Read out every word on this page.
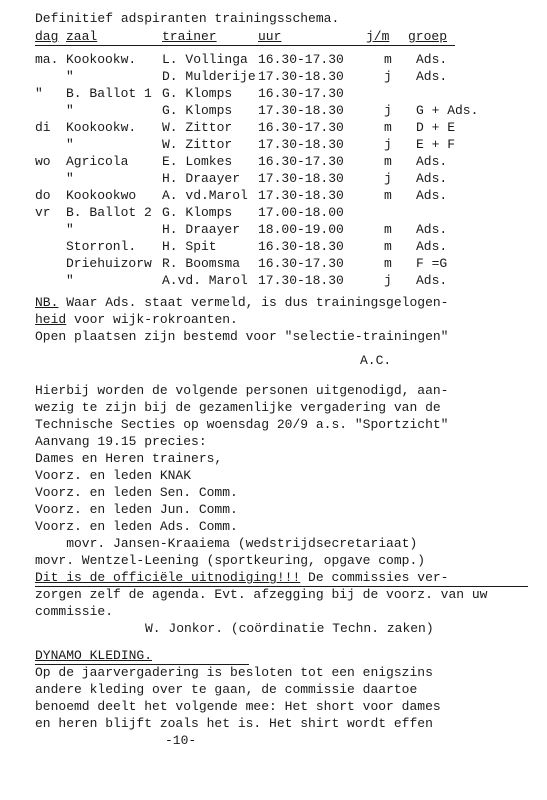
Definitief adspiranten trainingsschema.
dag zaal	trainer	uur	j/m groep
ma. Kookookw. L. Vollinga 16.30-17.30	m Ads.
"	D. Mulderije 17.30-18.30	j Ads.
" B. Ballot 1 G. Klomps 16.30-17.30
"	G. Klomps 17.30-18.30	j G + Ads.
di Kookookw. W. Zittor 16.30-17.30	m D + E
"	W. Zittor 17.30-18.30	j E + F
wo Agricola	E. Lomkes 16.30-17.30	m Ads.
"	H. Draayer 17.30-18.30	j Ads.
do Kookookwo A. vd.Marol 17.30-18.30	m Ads.
vr B. Ballot 2 G. Klomps 17.00-18.00
"	H. Draayer 18.00-19.00	m Ads.
Storronl. H. Spit	16.30-18.30	m Ads.
Driehuizorw R. Boomsma 16.30-17.30	m F =G
"	A.vd. Marol 17.30-18.30	j Ads.
NB. Waar Ads. staat vermeld, is dus trainingsgelogen-
heid voor wijk-rokroanten.
Open plaatsen zijn bestemd voor "selectie-trainingen"
A.C.
Hierbij worden de volgende personen uitgenodigd, aan-
wezig te zijn bij de gezamenlijke vergadering van de
Technische Secties op woensdag 20/9 a.s. "Sportzicht"
Aanvang 19.15 precies:
Dames en Heren trainers,
Voorz. en leden KNAK
Voorz. en leden Sen. Comm.
Voorz. en leden Jun. Comm.
Voorz. en leden Ads. Comm.
movr. Jansen-Kraaiema (wedstrijdsecretariaat)
movr. Wentzel-Leening (sportkeuring, opgave comp.)
Dit is de officiële uitnodiging!!! De commissies ver-
zorgen zelf de agenda. Evt. afzegging bij de voorz. van uw
commissie.
W. Jonkor. (coördinatie Techn. zaken)
DYNAMO KLEDING.
Op de jaarvergadering is besloten tot een enigszins
andere kleding over te gaan, de commissie daartoe
benoemd deelt het volgende mee: Het short voor dames
en heren blijft zoals het is. Het shirt wordt effen
-10-
